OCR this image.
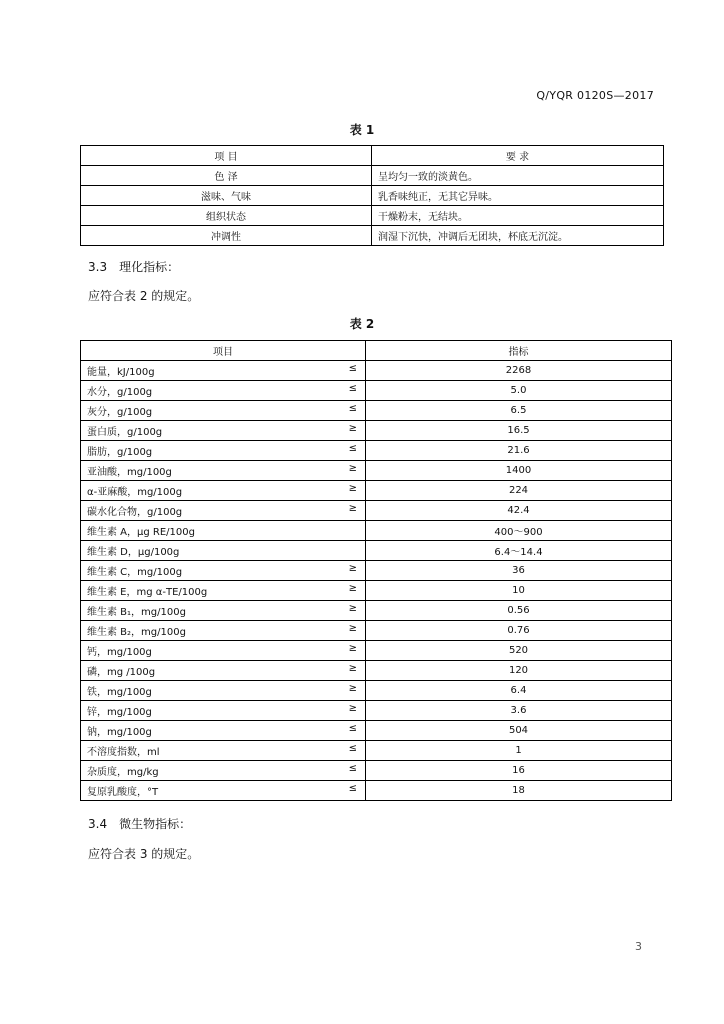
Q/YQR 0120S—2017
表 1
项 目	要 求
色 泽	呈均匀一致的淡黄色。
滋味、气味	乳香味纯正，无其它异味。
组织状态	干燥粉末，无结块。
冲调性	润湿下沉快，冲调后无团块，杯底无沉淀。
3.3 理化指标：
应符合表 2 的规定。
表 2
项目	指标

能量，kJ/100g ≤	2268

水分，g/100g ≤	5.0

灰分，g/100g ≤	6.5

蛋白质，g/100g ≥	16.5

脂肪，g/100g ≤	21.6

亚油酸，mg/100g ≥	1400

α-亚麻酸，mg/100g ≥	224

碳水化合物，g/100g ≥	42.4

维生素 A，μg RE/100g	400～900

维生素 D，μg/100g	6.4～14.4

维生素 C，mg/100g ≥	36

维生素 E，mg α-TE/100g ≥	10

维生素 B₁，mg/100g ≥	0.56

维生素 B₂，mg/100g ≥	0.76

钙，mg/100g ≥	520

磷，mg /100g ≥	120

铁，mg/100g ≥	6.4

锌，mg/100g ≥	3.6

钠，mg/100g ≤	504

不溶度指数，ml ≤	1

杂质度，mg/kg ≤	16

复原乳酸度，°T ≤	18
3.4 微生物指标：
应符合表 3 的规定。
3
